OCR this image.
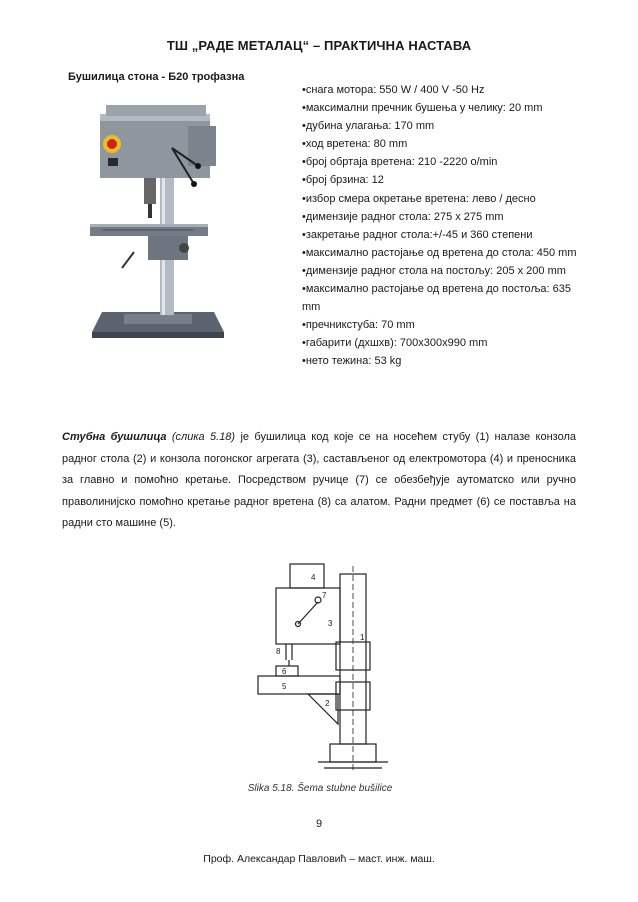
ТШ „РАДЕ МЕТАЛАЦ“ – ПРАКТИЧНА НАСТАВА
Бушилица стона - Б20 трофазна
•снага мотора: 550 W / 400 V -50 Hz
•максимални пречник бушења у челику: 20 mm
•дубина улагања: 170 mm
•ход вретена: 80 mm
•број обртаја вретена: 210 -2220 o/min
•број брзина: 12
•избор смера окретање вретена: лево / десно
•димензије радног стола: 275 x 275 mm
•закретање радног стола:+/-45 и 360 степени
•максимално растојање од вретена до стола: 450 mm
•димензије радног стола на постољу: 205 x 200 mm
•максимално растојање од вретена до постоља: 635 mm
•пречникстуба: 70 mm
•габарити (дхшхв): 700x300x990 mm
•нето тежина: 53 kg

Стубна бушилица (слика 5.18) је бушилица код које се на носећем стубу (1) налазе конзола радног стола (2) и конзола погонског агрегата (3), састављеног од електромотора (4) и преносника за главно и помоћно кретање. Посредством ручице (7) се обезбеђује аутоматско или ручно праволинијско помоћно кретање радног вретена (8) са алатом. Радни предмет (6) се поставља на радни сто машине (5).

4
3
1
2
5
6
7
8
Slika 5.18. Šema stubne bušilice
9
Проф. Александар Павловић – маст. инж. маш.
